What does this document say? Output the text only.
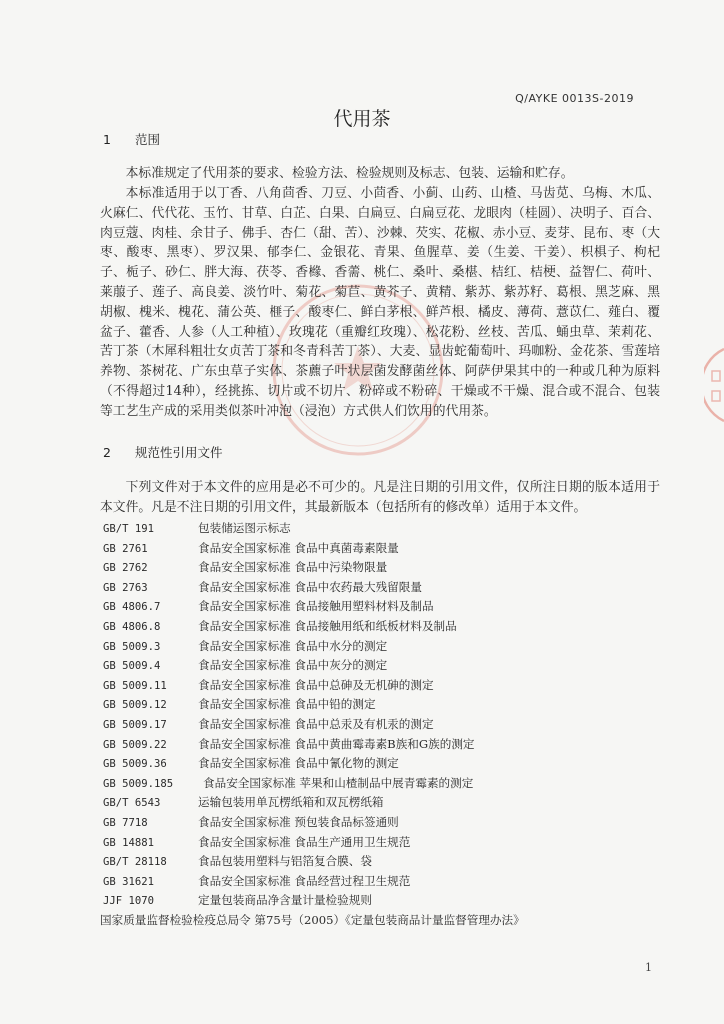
Q/AYKE 0013S-2019
代用茶
1 范围
本标准规定了代用茶的要求、检验方法、检验规则及标志、包装、运输和贮存。
本标准适用于以丁香、八角茴香、刀豆、小茴香、小蓟、山药、山楂、马齿苋、乌梅、木瓜、火麻仁、代代花、玉竹、甘草、白芷、白果、白扁豆、白扁豆花、龙眼肉（桂圆）、决明子、百合、肉豆蔻、肉桂、余甘子、佛手、杏仁（甜、苦）、沙棘、芡实、花椒、赤小豆、麦芽、昆布、枣（大枣、酸枣、黑枣）、罗汉果、郁李仁、金银花、青果、鱼腥草、姜（生姜、干姜）、枳椇子、枸杞子、栀子、砂仁、胖大海、茯苓、香橼、香薷、桃仁、桑叶、桑椹、桔红、桔梗、益智仁、荷叶、莱菔子、莲子、高良姜、淡竹叶、菊花、菊苣、黄芥子、黄精、紫苏、紫苏籽、葛根、黑芝麻、黑胡椒、槐米、槐花、蒲公英、榧子、酸枣仁、鲜白茅根、鲜芦根、橘皮、薄荷、薏苡仁、薤白、覆盆子、藿香、人参（人工种植）、玫瑰花（重瓣红玫瑰）、松花粉、丝枝、苦瓜、蛹虫草、茉莉花、苦丁茶（木犀科粗壮女贞苦丁茶和冬青科苦丁茶）、大麦、显齿蛇葡萄叶、玛咖粉、金花茶、雪莲培养物、茶树花、广东虫草子实体、茶藨子叶状层菌发酵菌丝体、阿萨伊果其中的一种或几种为原料（不得超过14种），经挑拣、切片或不切片、粉碎或不粉碎、干燥或不干燥、混合或不混合、包装等工艺生产成的采用类似茶叶冲泡（浸泡）方式供人们饮用的代用茶。
2 规范性引用文件
下列文件对于本文件的应用是必不可少的。凡是注日期的引用文件，仅所注日期的版本适用于本文件。凡是不注日期的引用文件，其最新版本（包括所有的修改单）适用于本文件。
GB/T 191	包装储运图示标志
GB 2761	食品安全国家标准 食品中真菌毒素限量
GB 2762	食品安全国家标准 食品中污染物限量
GB 2763	食品安全国家标准 食品中农药最大残留限量
GB 4806.7	食品安全国家标准 食品接触用塑料材料及制品
GB 4806.8	食品安全国家标准 食品接触用纸和纸板材料及制品
GB 5009.3	食品安全国家标准 食品中水分的测定
GB 5009.4	食品安全国家标准 食品中灰分的测定
GB 5009.11	食品安全国家标准 食品中总砷及无机砷的测定
GB 5009.12	食品安全国家标准 食品中铅的测定
GB 5009.17	食品安全国家标准 食品中总汞及有机汞的测定
GB 5009.22	食品安全国家标准 食品中黄曲霉毒素B族和G族的测定
GB 5009.36	食品安全国家标准 食品中氰化物的测定
GB 5009.185	食品安全国家标准 苹果和山楂制品中展青霉素的测定
GB/T 6543	运输包装用单瓦楞纸箱和双瓦楞纸箱
GB 7718	食品安全国家标准 预包装食品标签通则
GB 14881	食品安全国家标准 食品生产通用卫生规范
GB/T 28118	食品包装用塑料与铝箔复合膜、袋
GB 31621	食品安全国家标准 食品经营过程卫生规范
JJF 1070	定量包装商品净含量计量检验规则
国家质量监督检验检疫总局令 第75号（2005）《定量包装商品计量监督管理办法》
1
